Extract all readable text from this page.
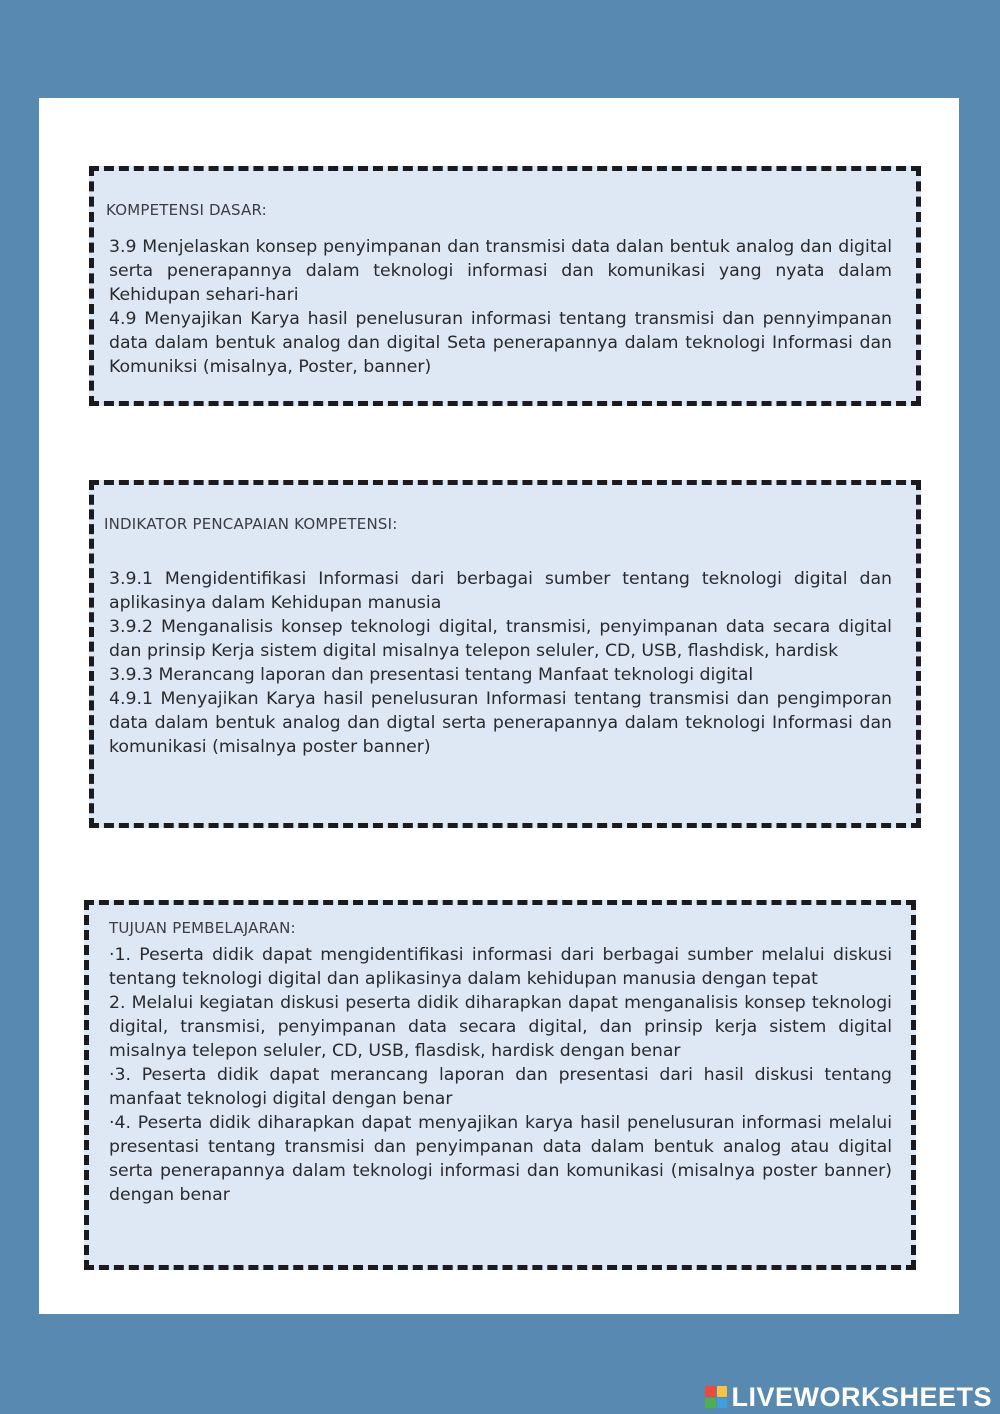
KOMPETENSI DASAR:

3.9 Menjelaskan konsep penyimpanan dan transmisi data dalan bentuk analog dan digital serta penerapannya dalam teknologi informasi dan komunikasi yang nyata dalam Kehidupan sehari-hari

4.9 Menyajikan Karya hasil penelusuran informasi tentang transmisi dan pennyimpanan data dalam bentuk analog dan digital Seta penerapannya dalam teknologi Informasi dan Komuniksi (misalnya, Poster, banner)

INDIKATOR PENCAPAIAN KOMPETENSI:

3.9.1 Mengidentifikasi Informasi dari berbagai sumber tentang teknologi digital dan aplikasinya dalam Kehidupan manusia

3.9.2 Menganalisis konsep teknologi digital, transmisi, penyimpanan data secara digital dan prinsip Kerja sistem digital misalnya telepon seluler, CD, USB, flashdisk, hardisk

3.9.3 Merancang laporan dan presentasi tentang Manfaat teknologi digital

4.9.1 Menyajikan Karya hasil penelusuran Informasi tentang transmisi dan pengimporan data dalam bentuk analog dan digtal serta penerapannya dalam teknologi Informasi dan komunikasi (misalnya poster banner)

TUJUAN PEMBELAJARAN:

·1. Peserta didik dapat mengidentifikasi informasi dari berbagai sumber melalui diskusi tentang teknologi digital dan aplikasinya dalam kehidupan manusia dengan tepat

2. Melalui kegiatan diskusi peserta didik diharapkan dapat menganalisis konsep teknologi digital, transmisi, penyimpanan data secara digital, dan prinsip kerja sistem digital misalnya telepon seluler, CD, USB, flasdisk, hardisk dengan benar

·3. Peserta didik dapat merancang laporan dan presentasi dari hasil diskusi tentang manfaat teknologi digital dengan benar

·4. Peserta didik diharapkan dapat menyajikan karya hasil penelusuran informasi melalui presentasi tentang transmisi dan penyimpanan data dalam bentuk analog atau digital serta penerapannya dalam teknologi informasi dan komunikasi (misalnya poster banner) dengan benar

LIVEWORKSHEETS
